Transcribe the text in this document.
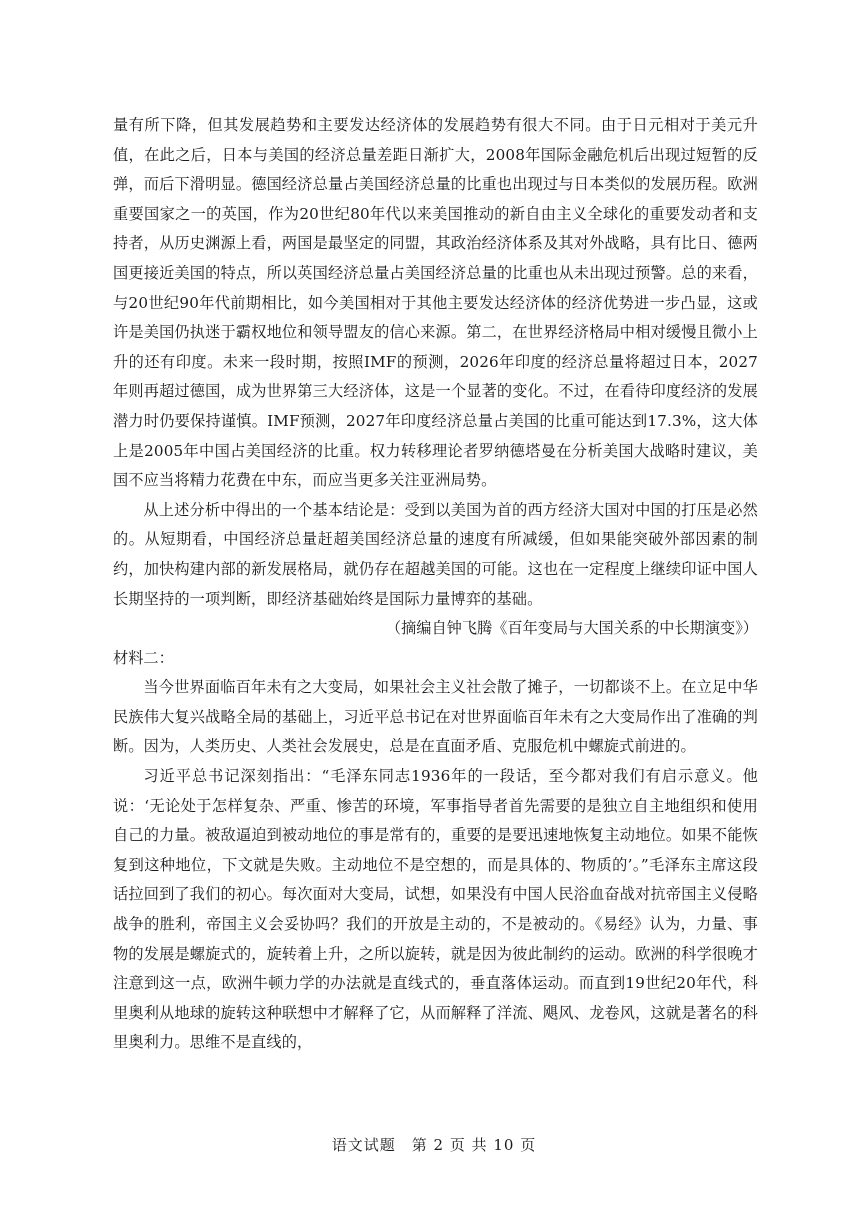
量有所下降，但其发展趋势和主要发达经济体的发展趋势有很大不同。由于日元相对于美元升值，在此之后，日本与美国的经济总量差距日渐扩大，2008年国际金融危机后出现过短暂的反弹，而后下滑明显。德国经济总量占美国经济总量的比重也出现过与日本类似的发展历程。欧洲重要国家之一的英国，作为20世纪80年代以来美国推动的新自由主义全球化的重要发动者和支持者，从历史渊源上看，两国是最坚定的同盟，其政治经济体系及其对外战略，具有比日、德两国更接近美国的特点，所以英国经济总量占美国经济总量的比重也从未出现过预警。总的来看，与20世纪90年代前期相比，如今美国相对于其他主要发达经济体的经济优势进一步凸显，这或许是美国仍执迷于霸权地位和领导盟友的信心来源。第二，在世界经济格局中相对缓慢且微小上升的还有印度。未来一段时期，按照IMF的预测，2026年印度的经济总量将超过日本，2027年则再超过德国，成为世界第三大经济体，这是一个显著的变化。不过，在看待印度经济的发展潜力时仍要保持谨慎。IMF预测，2027年印度经济总量占美国的比重可能达到17.3%，这大体上是2005年中国占美国经济的比重。权力转移理论者罗纳德塔曼在分析美国大战略时建议，美国不应当将精力花费在中东，而应当更多关注亚洲局势。

从上述分析中得出的一个基本结论是：受到以美国为首的西方经济大国对中国的打压是必然的。从短期看，中国经济总量赶超美国经济总量的速度有所减缓，但如果能突破外部因素的制约，加快构建内部的新发展格局，就仍存在超越美国的可能。这也在一定程度上继续印证中国人长期坚持的一项判断，即经济基础始终是国际力量博弈的基础。

（摘编自钟飞腾《百年变局与大国关系的中长期演变》）

材料二：

当今世界面临百年未有之大变局，如果社会主义社会散了摊子，一切都谈不上。在立足中华民族伟大复兴战略全局的基础上，习近平总书记在对世界面临百年未有之大变局作出了准确的判断。因为，人类历史、人类社会发展史，总是在直面矛盾、克服危机中螺旋式前进的。

习近平总书记深刻指出：“毛泽东同志1936年的一段话，至今都对我们有启示意义。他说：‘无论处于怎样复杂、严重、惨苦的环境，军事指导者首先需要的是独立自主地组织和使用自己的力量。被敌逼迫到被动地位的事是常有的，重要的是要迅速地恢复主动地位。如果不能恢复到这种地位，下文就是失败。主动地位不是空想的，而是具体的、物质的’。”毛泽东主席这段话拉回到了我们的初心。每次面对大变局，试想，如果没有中国人民浴血奋战对抗帝国主义侵略战争的胜利，帝国主义会妥协吗？我们的开放是主动的，不是被动的。《易经》认为，力量、事物的发展是螺旋式的，旋转着上升，之所以旋转，就是因为彼此制约的运动。欧洲的科学很晚才注意到这一点，欧洲牛顿力学的办法就是直线式的，垂直落体运动。而直到19世纪20年代，科里奥利从地球的旋转这种联想中才解释了它，从而解释了洋流、飓风、龙卷风，这就是著名的科里奥利力。思维不是直线的，

语文试题　第 2 页 共 10 页
